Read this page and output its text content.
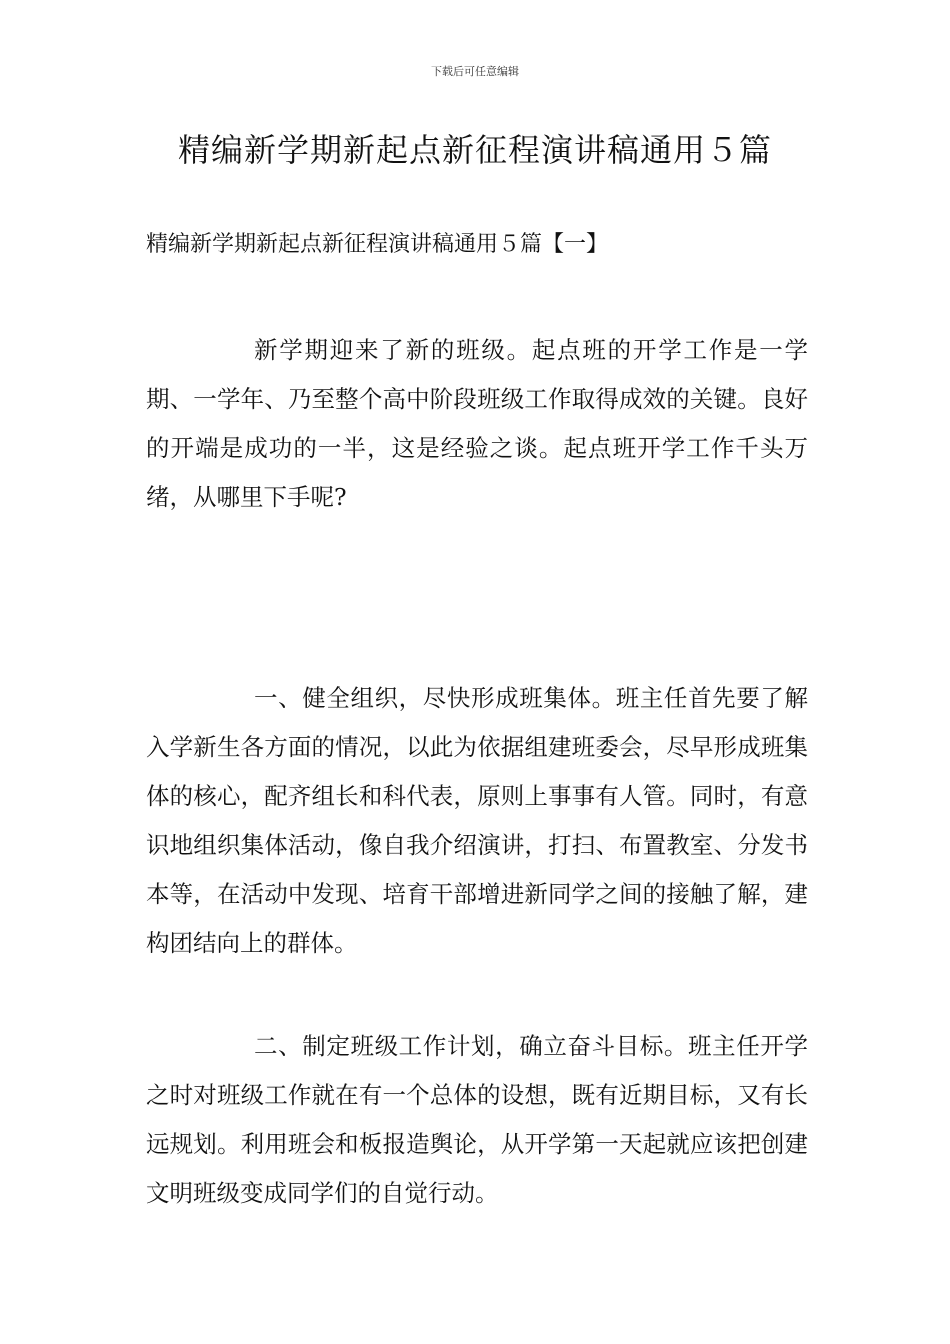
下载后可任意编辑
精编新学期新起点新征程演讲稿通用５篇

精编新学期新起点新征程演讲稿通用５篇【一】

新学期迎来了新的班级。起点班的开学工作是一学期、一学年、乃至整个高中阶段班级工作取得成效的关键。良好的开端是成功的一半，这是经验之谈。起点班开学工作千头万绪，从哪里下手呢?

一、健全组织，尽快形成班集体。班主任首先要了解入学新生各方面的情况，以此为依据组建班委会，尽早形成班集体的核心，配齐组长和科代表，原则上事事有人管。同时，有意识地组织集体活动，像自我介绍演讲，打扫、布置教室、分发书本等，在活动中发现、培育干部增进新同学之间的接触了解，建构团结向上的群体。

二、制定班级工作计划，确立奋斗目标。班主任开学之时对班级工作就在有一个总体的设想，既有近期目标，又有长远规划。利用班会和板报造舆论，从开学第一天起就应该把创建文明班级变成同学们的自觉行动。
